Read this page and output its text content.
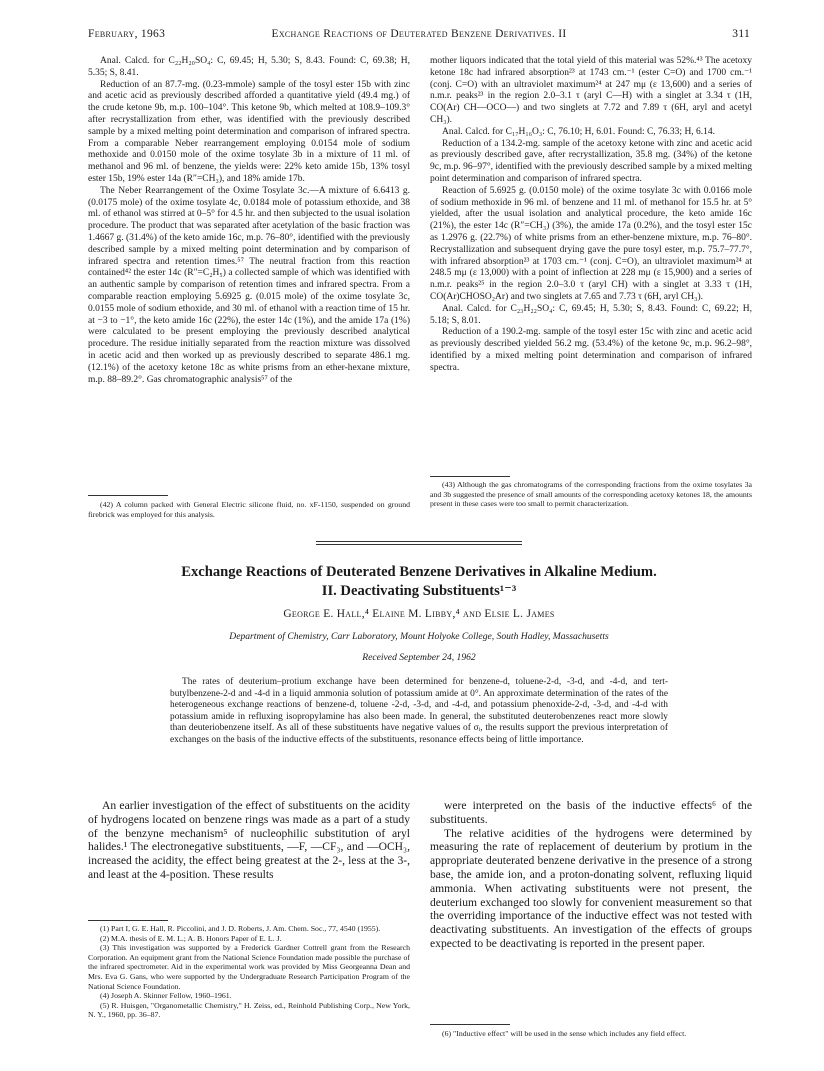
February, 1963	Exchange Reactions of Deuterated Benzene Derivatives. II	311

Anal. Calcd. for C₂₂H₂₀SO₄: C, 69.45; H, 5.30; S, 8.43. Found: C, 69.38; H, 5.35; S, 8.41.

Reduction of an 87.7-mg. (0.23-mmole) sample of the tosyl ester 15b with zinc and acetic acid as previously described afforded a quantitative yield (49.4 mg.) of the crude ketone 9b, m.p. 100–104°. This ketone 9b, which melted at 108.9–109.3° after recrystallization from ether, was identified with the previously described sample by a mixed melting point determination and comparison of infrared spectra. From a comparable Neber rearrangement employing 0.0154 mole of sodium methoxide and 0.0150 mole of the oxime tosylate 3b in a mixture of 11 ml. of methanol and 96 ml. of benzene, the yields were: 22% keto amide 15b, 13% tosyl ester 15b, 19% ester 14a (R″=CH₃), and 18% amide 17b.

The Neber Rearrangement of the Oxime Tosylate 3c.—A mixture of 6.6413 g. (0.0175 mole) of the oxime tosylate 4c, 0.0184 mole of potassium ethoxide, and 38 ml. of ethanol was stirred at 0–5° for 4.5 hr. and then subjected to the usual isolation procedure. The product that was separated after acetylation of the basic fraction was 1.4667 g. (31.4%) of the keto amide 16c, m.p. 76–80°, identified with the previously described sample by a mixed melting point determination and by comparison of infrared spectra and retention times.⁵⁷ The neutral fraction from this reaction contained⁴² the ester 14c (R″=C₂H₅) a collected sample of which was identified with an authentic sample by comparison of retention times and infrared spectra. From a comparable reaction employing 5.6925 g. (0.015 mole) of the oxime tosylate 3c, 0.0155 mole of sodium ethoxide, and 30 ml. of ethanol with a reaction time of 15 hr. at −3 to −1°, the keto amide 16c (22%), the ester 14c (1%), and the amide 17a (1%) were calculated to be present employing the previously described analytical procedure. The residue initially separated from the reaction mixture was dissolved in acetic acid and then worked up as previously described to separate 486.1 mg. (12.1%) of the acetoxy ketone 18c as white prisms from an ether-hexane mixture, m.p. 88–89.2°. Gas chromatographic analysis⁵⁷ of the

(42) A column packed with General Electric silicone fluid, no. xF-1150, suspended on ground firebrick was employed for this analysis.

mother liquors indicated that the total yield of this material was 52%.⁴³ The acetoxy ketone 18c had infrared absorption²³ at 1743 cm.⁻¹ (ester C=O) and 1700 cm.⁻¹ (conj. C=O) with an ultraviolet maximum²⁴ at 247 mμ (ε 13,600) and a series of n.m.r. peaks²³ in the region 2.0–3.1 τ (aryl C—H) with a singlet at 3.34 τ (1H, CO(Ar) CH—OCO—) and two singlets at 7.72 and 7.89 τ (6H, aryl and acetyl CH₃).

Anal. Calcd. for C₁₇H₁₆O₃: C, 76.10; H, 6.01. Found: C, 76.33; H, 6.14.

Reduction of a 134.2-mg. sample of the acetoxy ketone with zinc and acetic acid as previously described gave, after recrystallization, 35.8 mg. (34%) of the ketone 9c, m.p. 96–97°, identified with the previously described sample by a mixed melting point determination and comparison of infrared spectra.

Reaction of 5.6925 g. (0.0150 mole) of the oxime tosylate 3c with 0.0166 mole of sodium methoxide in 96 ml. of benzene and 11 ml. of methanol for 15.5 hr. at 5° yielded, after the usual isolation and analytical procedure, the keto amide 16c (21%), the ester 14c (R″=CH₃) (3%), the amide 17a (0.2%), and the tosyl ester 15c as 1.2976 g. (22.7%) of white prisms from an ether-benzene mixture, m.p. 76–80°. Recrystallization and subsequent drying gave the pure tosyl ester, m.p. 75.7–77.7°, with infrared absorption²³ at 1703 cm.⁻¹ (conj. C=O), an ultraviolet maximum²⁴ at 248.5 mμ (ε 13,000) with a point of inflection at 228 mμ (ε 15,900) and a series of n.m.r. peaks²⁵ in the region 2.0–3.0 τ (aryl CH) with a singlet at 3.33 τ (1H, CO(Ar)CHOSO₂Ar) and two singlets at 7.65 and 7.73 τ (6H, aryl CH₃).

Anal. Calcd. for C₂₃H₂₂SO₄: C, 69.45; H, 5.30; S, 8.43. Found: C, 69.22; H, 5.18; S, 8.01.

Reduction of a 190.2-mg. sample of the tosyl ester 15c with zinc and acetic acid as previously described yielded 56.2 mg. (53.4%) of the ketone 9c, m.p. 96.2–98°, identified by a mixed melting point determination and comparison of infrared spectra.

(43) Although the gas chromatograms of the corresponding fractions from the oxime tosylates 3a and 3b suggested the presence of small amounts of the corresponding acetoxy ketones 18, the amounts present in these cases were too small to permit characterization.

Exchange Reactions of Deuterated Benzene Derivatives in Alkaline Medium.
II. Deactivating Substituents¹⁻³
George E. Hall,⁴ Elaine M. Libby,⁴ and Elsie L. James
Department of Chemistry, Carr Laboratory, Mount Holyoke College, South Hadley, Massachusetts
Received September 24, 1962
The rates of deuterium–protium exchange have been determined for benzene-d, toluene-2-d, -3-d, and -4-d, and tert-butylbenzene-2-d and -4-d in a liquid ammonia solution of potassium amide at 0°. An approximate determination of the rates of the heterogeneous exchange reactions of benzene-d, toluene -2-d, -3-d, and -4-d, and potassium phenoxide-2-d, -3-d, and -4-d with potassium amide in refluxing isopropylamine has also been made. In general, the substituted deuterobenzenes react more slowly than deuteriobenzene itself. As all of these substituents have negative values of σᵢ, the results support the previous interpretation of exchanges on the basis of the inductive effects of the substituents, resonance effects being of little importance.

An earlier investigation of the effect of substituents on the acidity of hydrogens located on benzene rings was made as a part of a study of the benzyne mechanism⁵ of nucleophilic substitution of aryl halides.¹ The electronegative substituents, —F, —CF₃, and —OCH₃, increased the acidity, the effect being greatest at the 2-, less at the 3-, and least at the 4-position. These results

(1) Part I, G. E. Hall, R. Piccolini, and J. D. Roberts, J. Am. Chem. Soc., 77, 4540 (1955).

(2) M.A. thesis of E. M. L.; A. B. Honors Paper of E. L. J.

(3) This investigation was supported by a Frederick Gardner Cottrell grant from the Research Corporation. An equipment grant from the National Science Foundation made possible the purchase of the infrared spectrometer. Aid in the experimental work was provided by Miss Georgeanna Dean and Mrs. Eva G. Gans, who were supported by the Undergraduate Research Participation Program of the National Science Foundation.

(4) Joseph A. Skinner Fellow, 1960–1961.

(5) R. Huisgen, "Organometallic Chemistry," H. Zeiss, ed., Reinhold Publishing Corp., New York, N. Y., 1960, pp. 36–87.

were interpreted on the basis of the inductive effects⁶ of the substituents.

The relative acidities of the hydrogens were determined by measuring the rate of replacement of deuterium by protium in the appropriate deuterated benzene derivative in the presence of a strong base, the amide ion, and a proton-donating solvent, refluxing liquid ammonia. When activating substituents were not present, the deuterium exchanged too slowly for convenient measurement so that the overriding importance of the inductive effect was not tested with deactivating substituents. An investigation of the effects of groups expected to be deactivating is reported in the present paper.

(6) "Inductive effect" will be used in the sense which includes any field effect.
